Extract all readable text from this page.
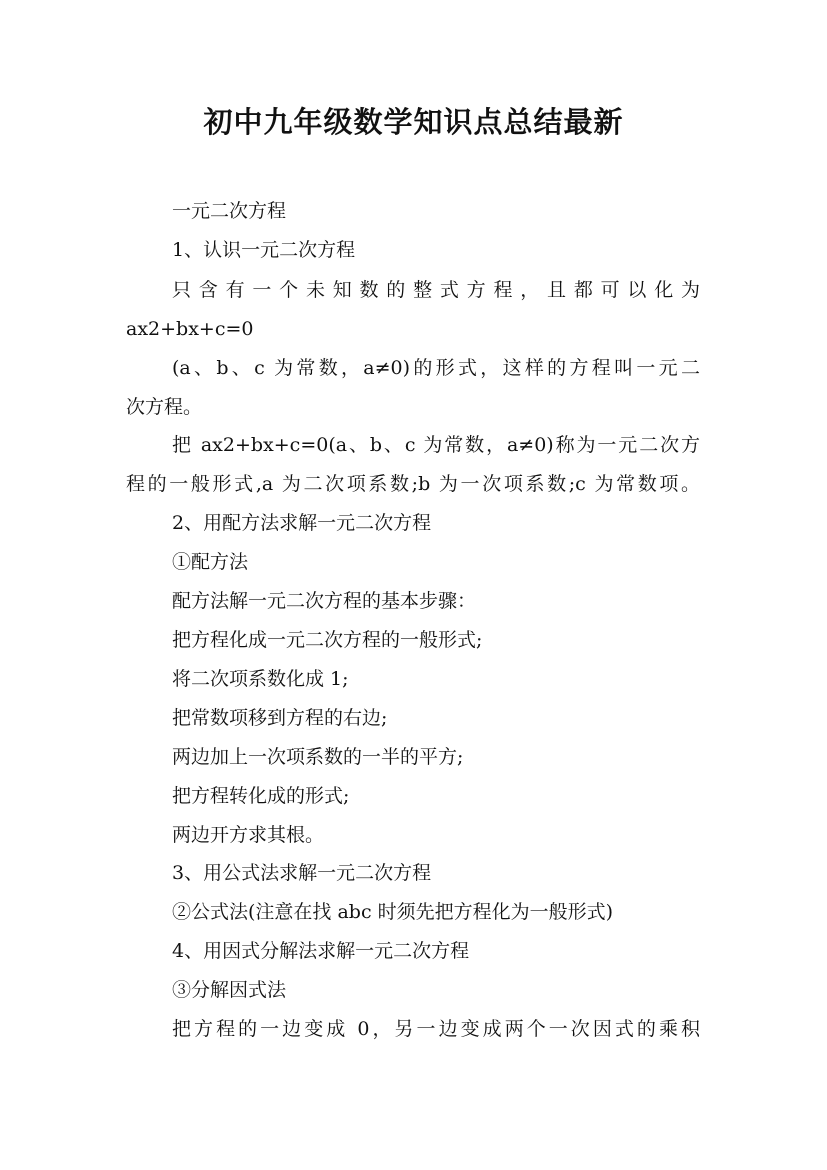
初中九年级数学知识点总结最新
一元二次方程
1、认识一元二次方程
只 含 有 一 个 未 知 数 的 整 式 方 程 ， 且 都 可 以 化 为
ax2+bx+c=0
(a、b、c 为常数，a≠0)的形式，这样的方程叫一元二
次方程。
把 ax2+bx+c=0(a、b、c 为常数，a≠0)称为一元二次方
程的一般形式,a 为二次项系数;b 为一次项系数;c 为常数项。
2、用配方法求解一元二次方程
①配方法
配方法解一元二次方程的基本步骤：
把方程化成一元二次方程的一般形式;
将二次项系数化成 1;
把常数项移到方程的右边;
两边加上一次项系数的一半的平方;
把方程转化成的形式;
两边开方求其根。
3、用公式法求解一元二次方程
②公式法(注意在找 abc 时须先把方程化为一般形式)
4、用因式分解法求解一元二次方程
③分解因式法
把方程的一边变成 0，另一边变成两个一次因式的乘积
